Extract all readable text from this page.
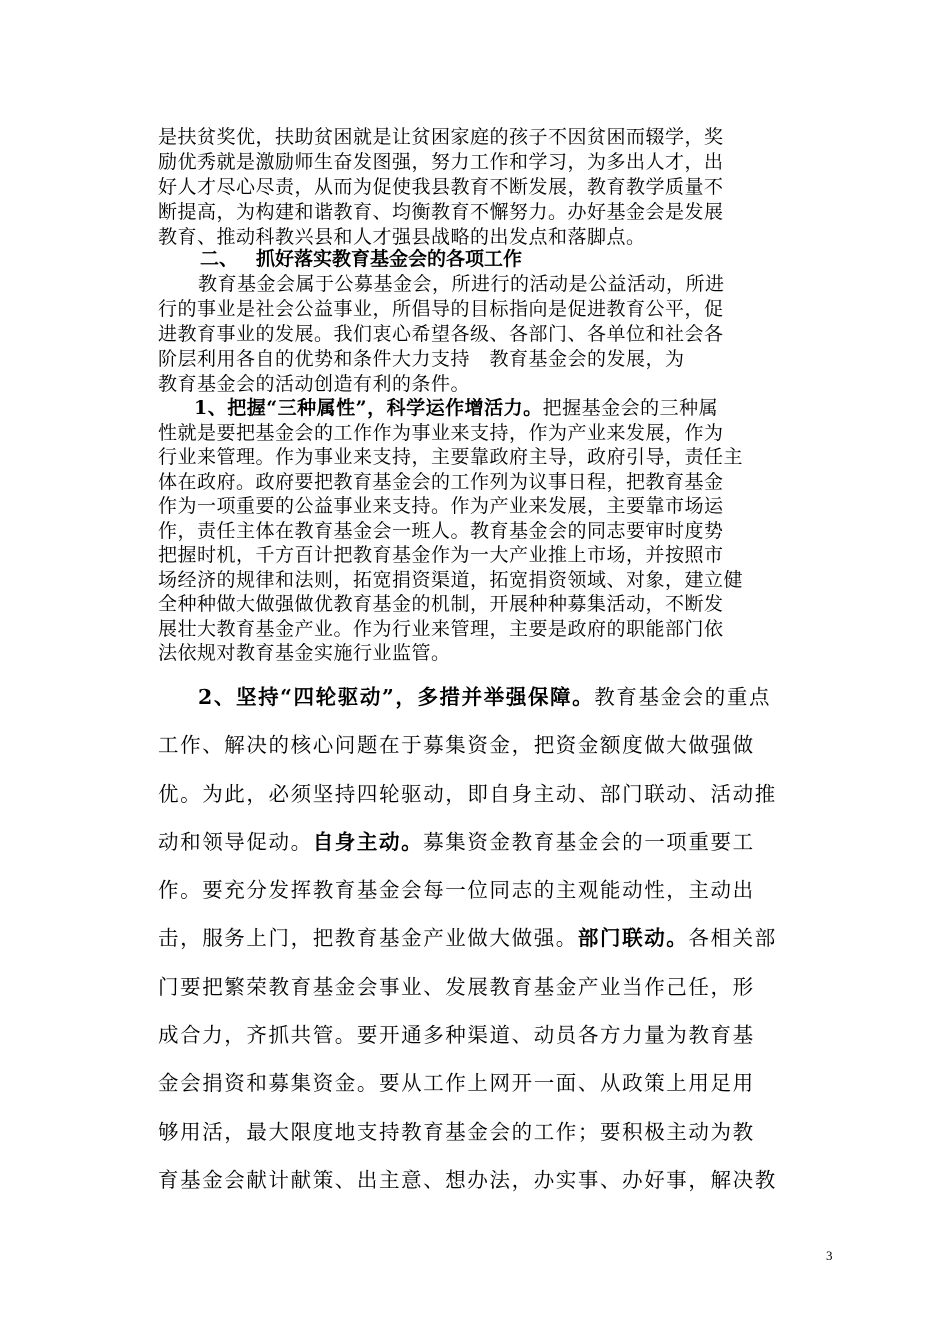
是扶贫奖优，扶助贫困就是让贫困家庭的孩子不因贫困而辍学，奖
励优秀就是激励师生奋发图强，努力工作和学习，为多出人才，出
好人才尽心尽责，从而为促使我县教育不断发展，教育教学质量不
断提高，为构建和谐教育、均衡教育不懈努力。办好基金会是发展
教育、推动科教兴县和人才强县战略的出发点和落脚点。
二、 抓好落实教育基金会的各项工作
教育基金会属于公募基金会，所进行的活动是公益活动，所进
行的事业是社会公益事业，所倡导的目标指向是促进教育公平，促
进教育事业的发展。我们衷心希望各级、各部门、各单位和社会各
阶层利用各自的优势和条件大力支持　教育基金会的发展，为
教育基金会的活动创造有利的条件。
1、把握“三种属性”，科学运作增活力。把握基金会的三种属
性就是要把基金会的工作作为事业来支持，作为产业来发展，作为
行业来管理。作为事业来支持，主要靠政府主导，政府引导，责任主
体在政府。政府要把教育基金会的工作列为议事日程，把教育基金
作为一项重要的公益事业来支持。作为产业来发展，主要靠市场运
作，责任主体在教育基金会一班人。教育基金会的同志要审时度势
把握时机，千方百计把教育基金作为一大产业推上市场，并按照市
场经济的规律和法则，拓宽捐资渠道，拓宽捐资领域、对象，建立健
全种种做大做强做优教育基金的机制，开展种种募集活动，不断发
展壮大教育基金产业。作为行业来管理，主要是政府的职能部门依
法依规对教育基金实施行业监管。
2、坚持“四轮驱动”，多措并举强保障。教育基金会的重点
工作、解决的核心问题在于募集资金，把资金额度做大做强做
优。为此，必须坚持四轮驱动，即自身主动、部门联动、活动推
动和领导促动。自身主动。募集资金教育基金会的一项重要工
作。要充分发挥教育基金会每一位同志的主观能动性，主动出
击，服务上门，把教育基金产业做大做强。部门联动。各相关部
门要把繁荣教育基金会事业、发展教育基金产业当作己任，形
成合力，齐抓共管。要开通多种渠道、动员各方力量为教育基
金会捐资和募集资金。要从工作上网开一面、从政策上用足用
够用活，最大限度地支持教育基金会的工作；要积极主动为教
育基金会献计献策、出主意、想办法，办实事、办好事，解决教
3
